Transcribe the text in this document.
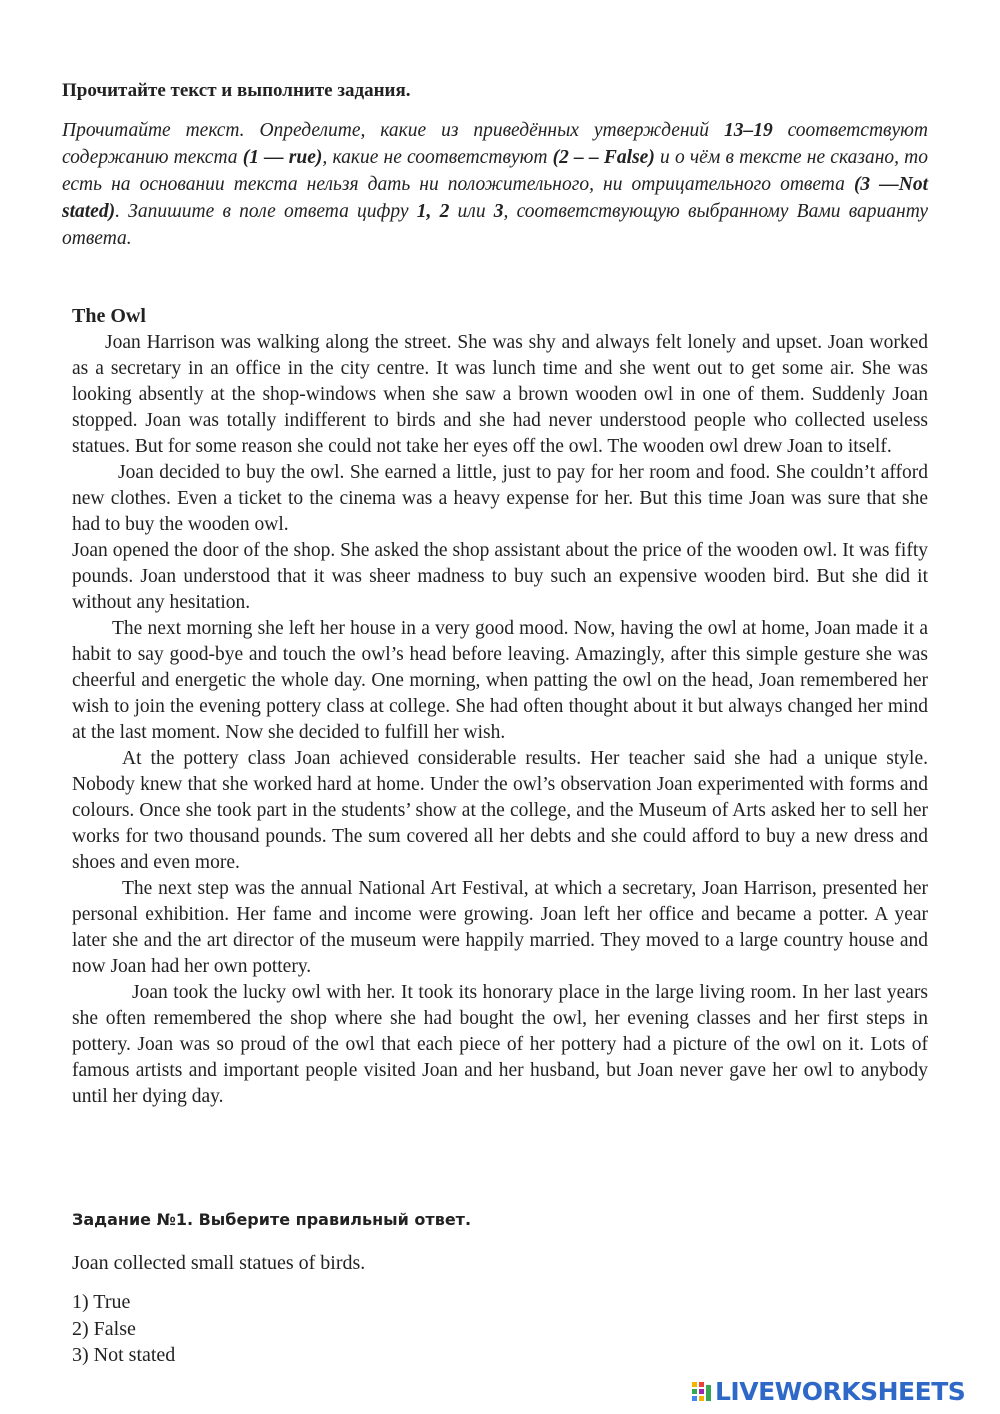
Прочитайте текст и выполните задания.

Прочитайте текст. Определите, какие из приведённых утверждений 13‒19 соответствуют содержанию текста (1 ‒– rue), какие не соответствуют (2 – – False) и о чём в тексте не сказано, то есть на основании текста нельзя дать ни положительного, ни отрицательного ответа (3 ‒–Not stated). Запишите в поле ответа цифру 1, 2 или 3, соответствующую выбранному Вами варианту ответа.

The Owl

Joan Harrison was walking along the street. She was shy and always felt lonely and upset. Joan worked as a secretary in an office in the city centre. It was lunch time and she went out to get some air. She was looking absently at the shop-windows when she saw a brown wooden owl in one of them. Suddenly Joan stopped. Joan was totally indifferent to birds and she had never understood people who collected useless statues. But for some reason she could not take her eyes off the owl. The wooden owl drew Joan to itself.

Joan decided to buy the owl. She earned a little, just to pay for her room and food. She couldn’t afford new clothes. Even a ticket to the cinema was a heavy expense for her. But this time Joan was sure that she had to buy the wooden owl.

Joan opened the door of the shop. She asked the shop assistant about the price of the wooden owl. It was fifty pounds. Joan understood that it was sheer madness to buy such an expensive wooden bird. But she did it without any hesitation.

The next morning she left her house in a very good mood. Now, having the owl at home, Joan made it a habit to say good-bye and touch the owl’s head before leaving. Amazingly, after this simple gesture she was cheerful and energetic the whole day. One morning, when patting the owl on the head, Joan remembered her wish to join the evening pottery class at college. She had often thought about it but always changed her mind at the last moment. Now she decided to fulfill her wish.

At the pottery class Joan achieved considerable results. Her teacher said she had a unique style. Nobody knew that she worked hard at home. Under the owl’s observation Joan experimented with forms and colours. Once she took part in the students’ show at the college, and the Museum of Arts asked her to sell her works for two thousand pounds. The sum covered all her debts and she could afford to buy a new dress and shoes and even more.

The next step was the annual National Art Festival, at which a secretary, Joan Harrison, presented her personal exhibition. Her fame and income were growing. Joan left her office and became a potter. A year later she and the art director of the museum were happily married. They moved to a large country house and now Joan had her own pottery.

Joan took the lucky owl with her. It took its honorary place in the large living room. In her last years she often remembered the shop where she had bought the owl, her evening classes and her first steps in pottery. Joan was so proud of the owl that each piece of her pottery had a picture of the owl on it. Lots of famous artists and important people visited Joan and her husband, but Joan never gave her owl to anybody until her dying day.

Задание №1. Выберите правильный ответ.

Joan collected small statues of birds.

1) True
2) False
3) Not stated
LIVEWORKSHEETS
